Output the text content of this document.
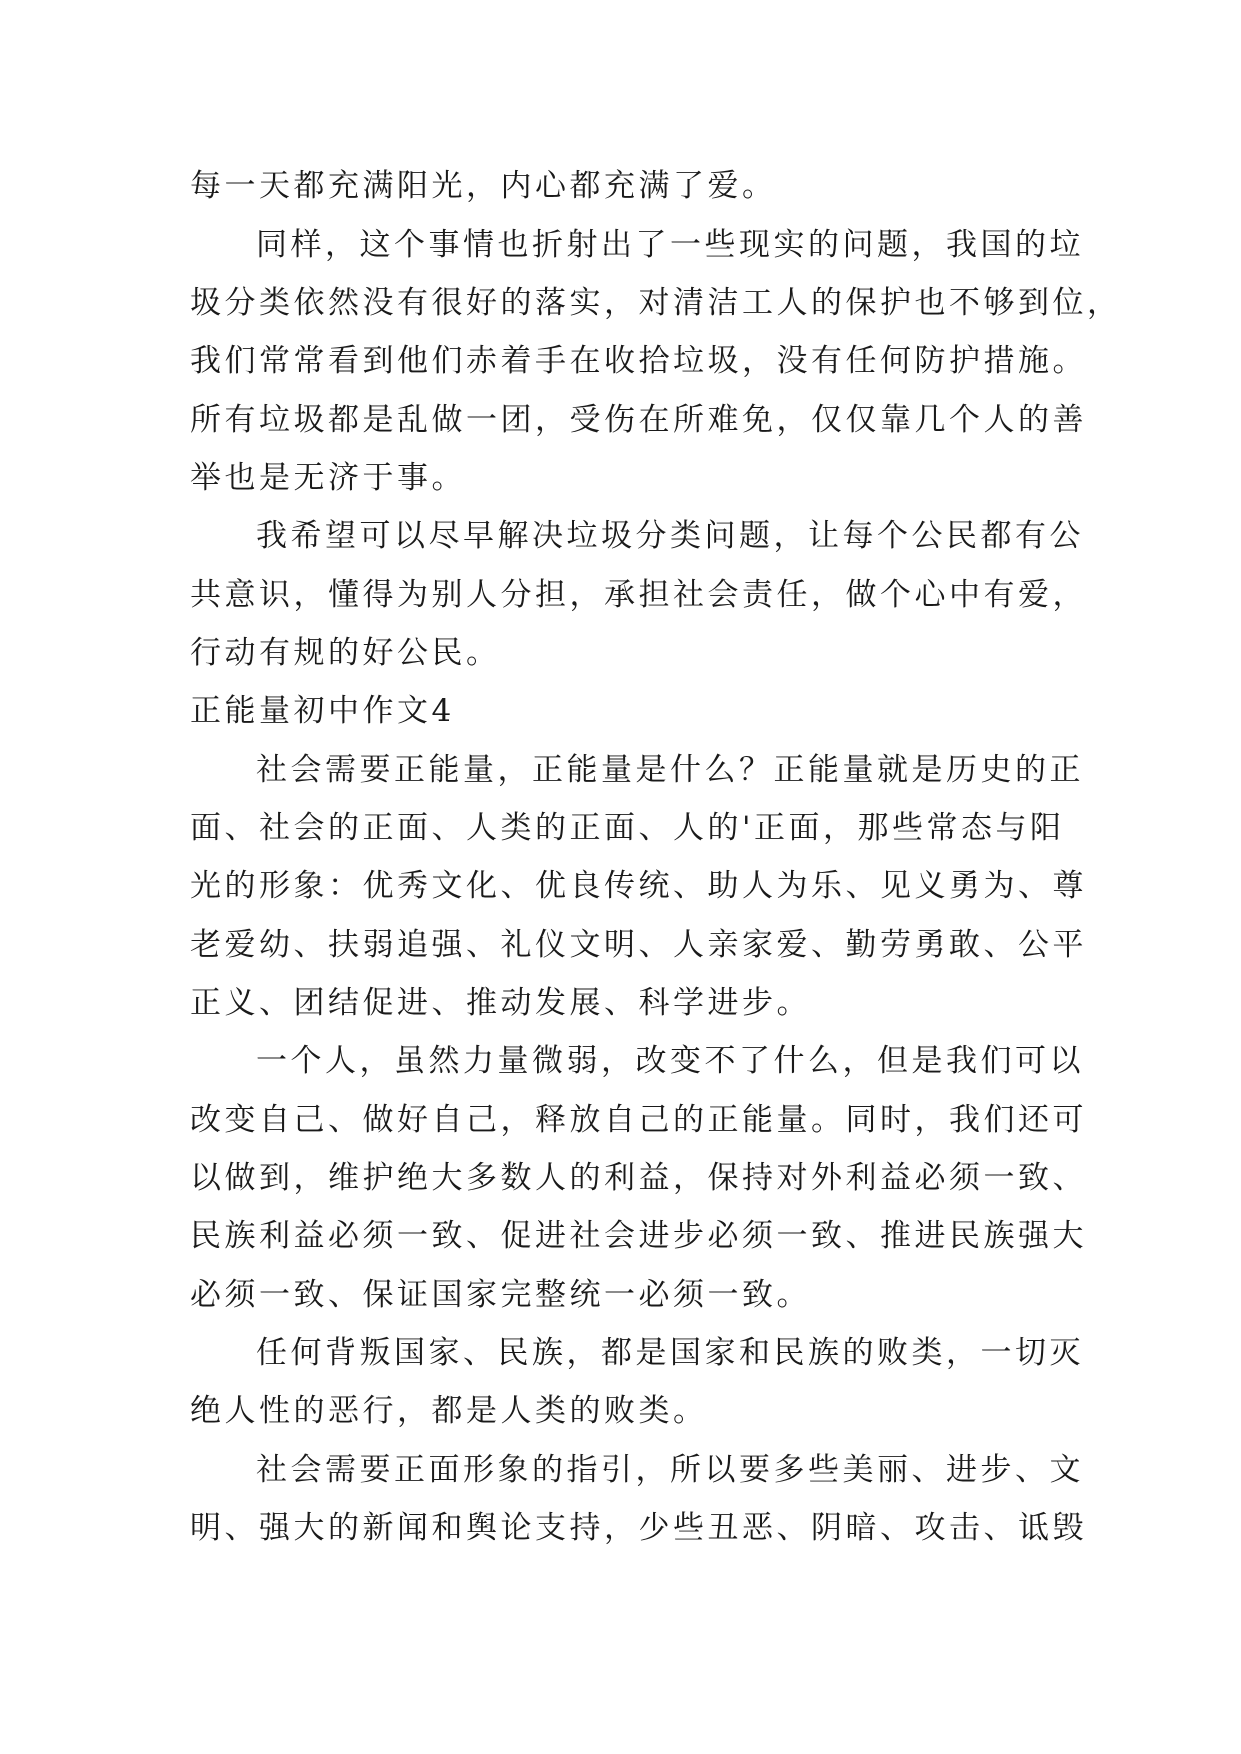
每一天都充满阳光，内心都充满了爱。
同样，这个事情也折射出了一些现实的问题，我国的垃
圾分类依然没有很好的落实，对清洁工人的保护也不够到位，
我们常常看到他们赤着手在收拾垃圾，没有任何防护措施。
所有垃圾都是乱做一团，受伤在所难免，仅仅靠几个人的善
举也是无济于事。
我希望可以尽早解决垃圾分类问题，让每个公民都有公
共意识，懂得为别人分担，承担社会责任，做个心中有爱，
行动有规的好公民。
正能量初中作文4
社会需要正能量，正能量是什么？正能量就是历史的正
面、社会的正面、人类的正面、人的'正面，那些常态与阳
光的形象：优秀文化、优良传统、助人为乐、见义勇为、尊
老爱幼、扶弱追强、礼仪文明、人亲家爱、勤劳勇敢、公平
正义、团结促进、推动发展、科学进步。
一个人，虽然力量微弱，改变不了什么，但是我们可以
改变自己、做好自己，释放自己的正能量。同时，我们还可
以做到，维护绝大多数人的利益，保持对外利益必须一致、
民族利益必须一致、促进社会进步必须一致、推进民族强大
必须一致、保证国家完整统一必须一致。
任何背叛国家、民族，都是国家和民族的败类，一切灭
绝人性的恶行，都是人类的败类。
社会需要正面形象的指引，所以要多些美丽、进步、文
明、强大的新闻和舆论支持，少些丑恶、阴暗、攻击、诋毁
